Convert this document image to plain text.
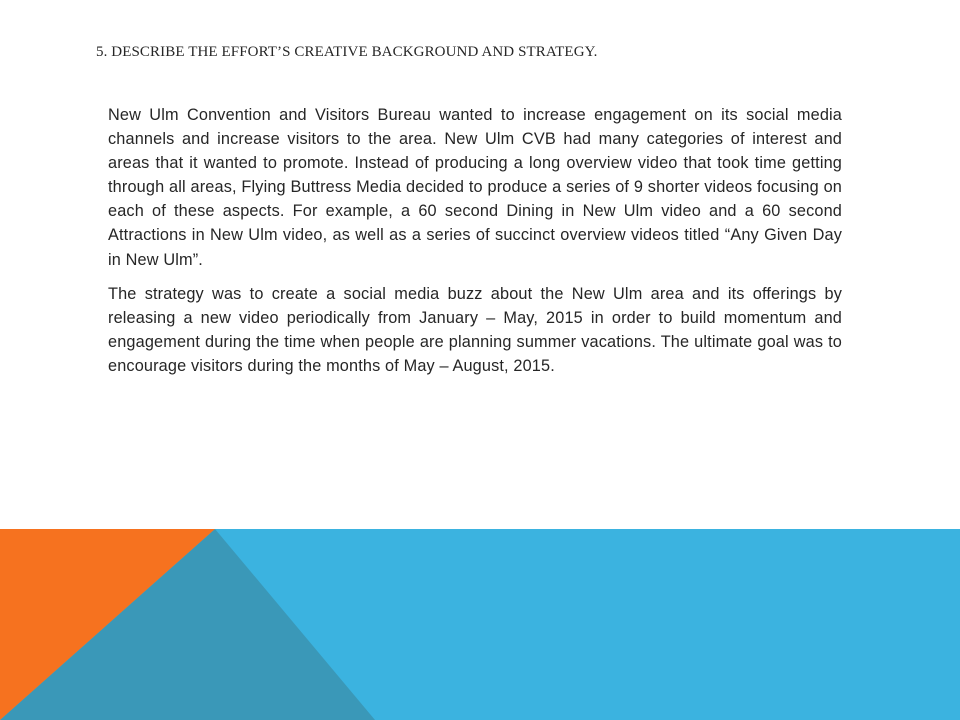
5. DESCRIBE THE EFFORT’S CREATIVE BACKGROUND AND STRATEGY.

New Ulm Convention and Visitors Bureau wanted to increase engagement on its social media channels and increase visitors to the area. New Ulm CVB had many categories of interest and areas that it wanted to promote. Instead of producing a long overview video that took time getting through all areas, Flying Buttress Media decided to produce a series of 9 shorter videos focusing on each of these aspects. For example, a 60 second Dining in New Ulm video and a 60 second Attractions in New Ulm video, as well as a series of succinct overview videos titled “Any Given Day in New Ulm”.

The strategy was to create a social media buzz about the New Ulm area and its offerings by releasing a new video periodically from January – May, 2015 in order to build momentum and engagement during the time when people are planning summer vacations. The ultimate goal was to encourage visitors during the months of May – August, 2015.
